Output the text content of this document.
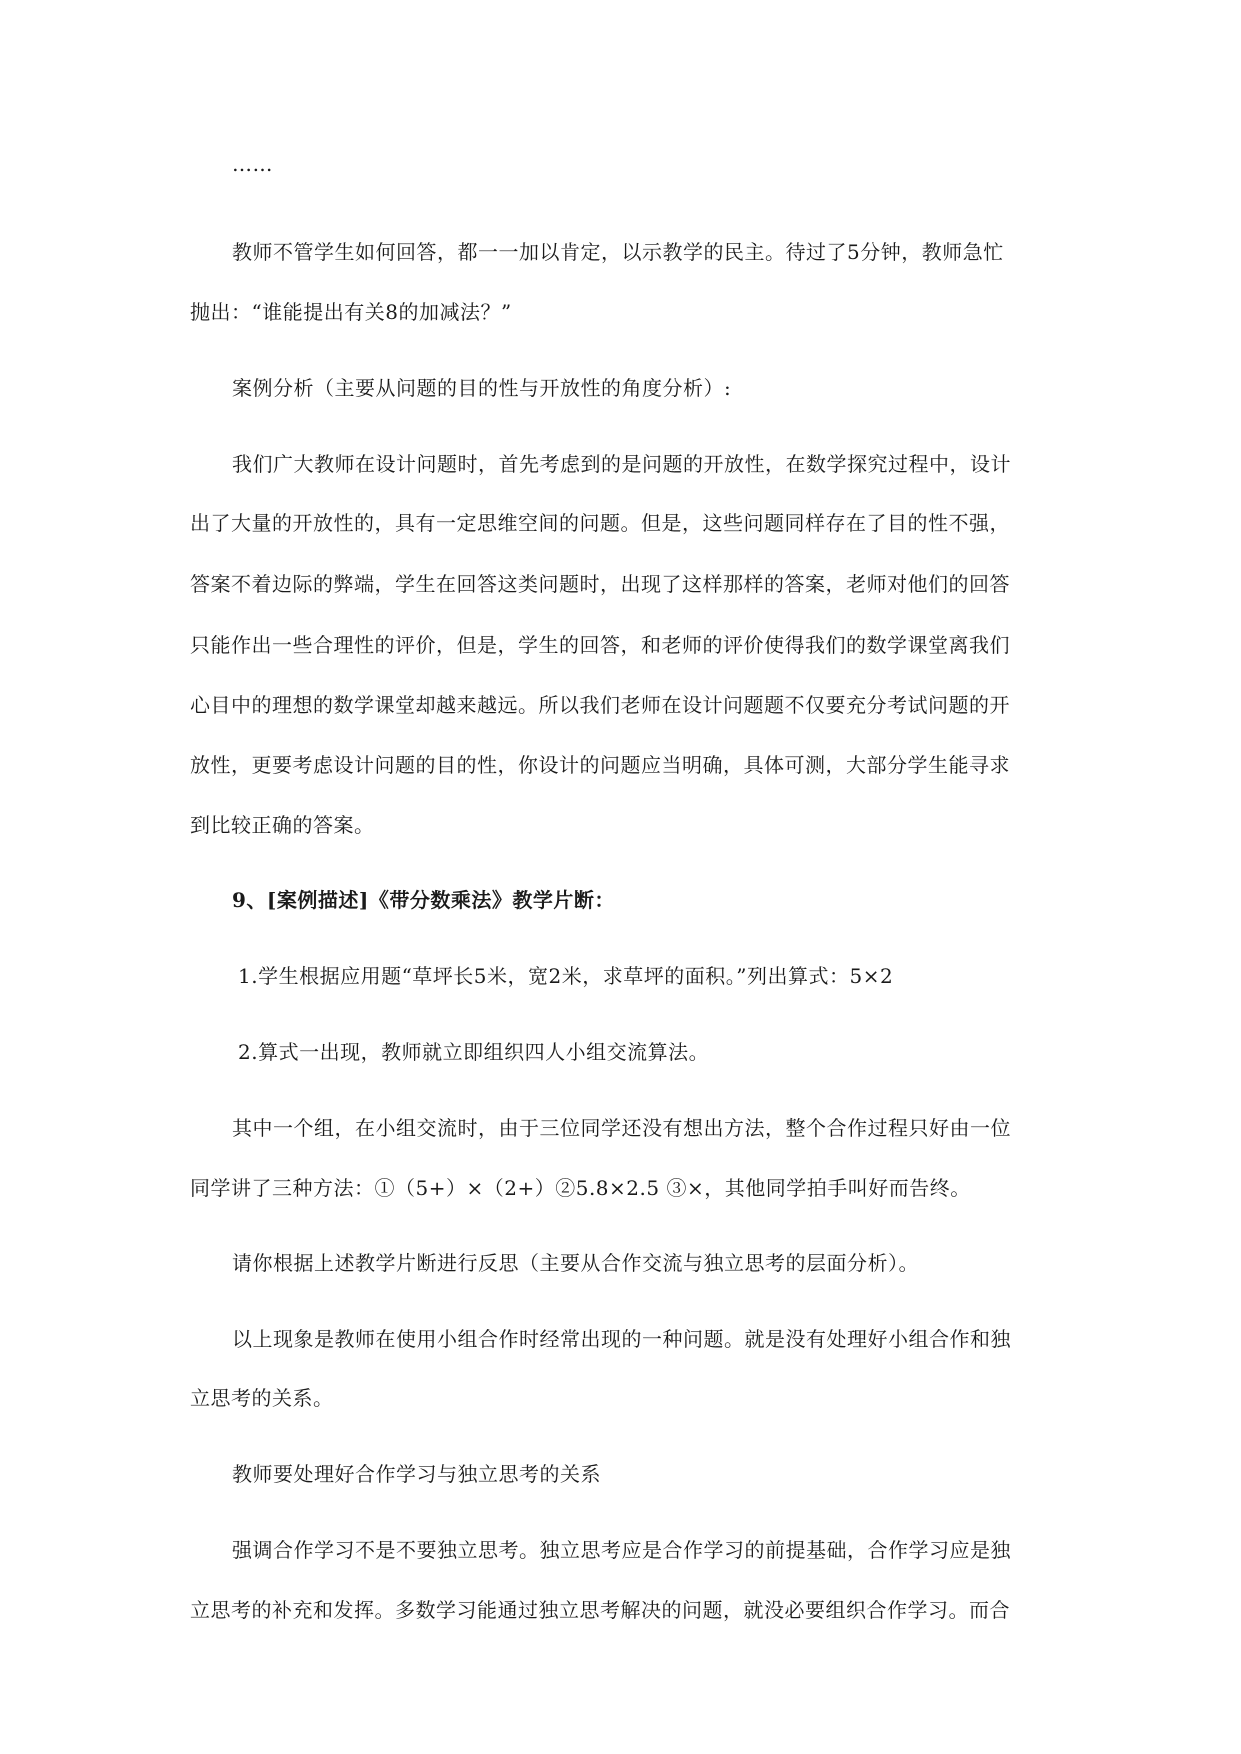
……
教师不管学生如何回答，都一一加以肯定，以示教学的民主。待过了5分钟，教师急忙
抛出：“谁能提出有关8的加减法？”
案例分析（主要从问题的目的性与开放性的角度分析）:
我们广大教师在设计问题时，首先考虑到的是问题的开放性，在数学探究过程中，设计
出了大量的开放性的，具有一定思维空间的问题。但是，这些问题同样存在了目的性不强，
答案不着边际的弊端，学生在回答这类问题时，出现了这样那样的答案，老师对他们的回答
只能作出一些合理性的评价，但是，学生的回答，和老师的评价使得我们的数学课堂离我们
心目中的理想的数学课堂却越来越远。所以我们老师在设计问题题不仅要充分考试问题的开
放性，更要考虑设计问题的目的性，你设计的问题应当明确，具体可测，大部分学生能寻求
到比较正确的答案。
9、[案例描述]《带分数乘法》教学片断：
1.学生根据应用题“草坪长5米，宽2米，求草坪的面积。”列出算式：5×2
2.算式一出现，教师就立即组织四人小组交流算法。
其中一个组，在小组交流时，由于三位同学还没有想出方法，整个合作过程只好由一位
同学讲了三种方法：①（5+）×（2+）②5.8×2.5 ③×，其他同学拍手叫好而告终。
请你根据上述教学片断进行反思（主要从合作交流与独立思考的层面分析）。
以上现象是教师在使用小组合作时经常出现的一种问题。就是没有处理好小组合作和独
立思考的关系。
教师要处理好合作学习与独立思考的关系
强调合作学习不是不要独立思考。独立思考应是合作学习的前提基础，合作学习应是独
立思考的补充和发挥。多数学习能通过独立思考解决的问题，就没必要组织合作学习。而合
